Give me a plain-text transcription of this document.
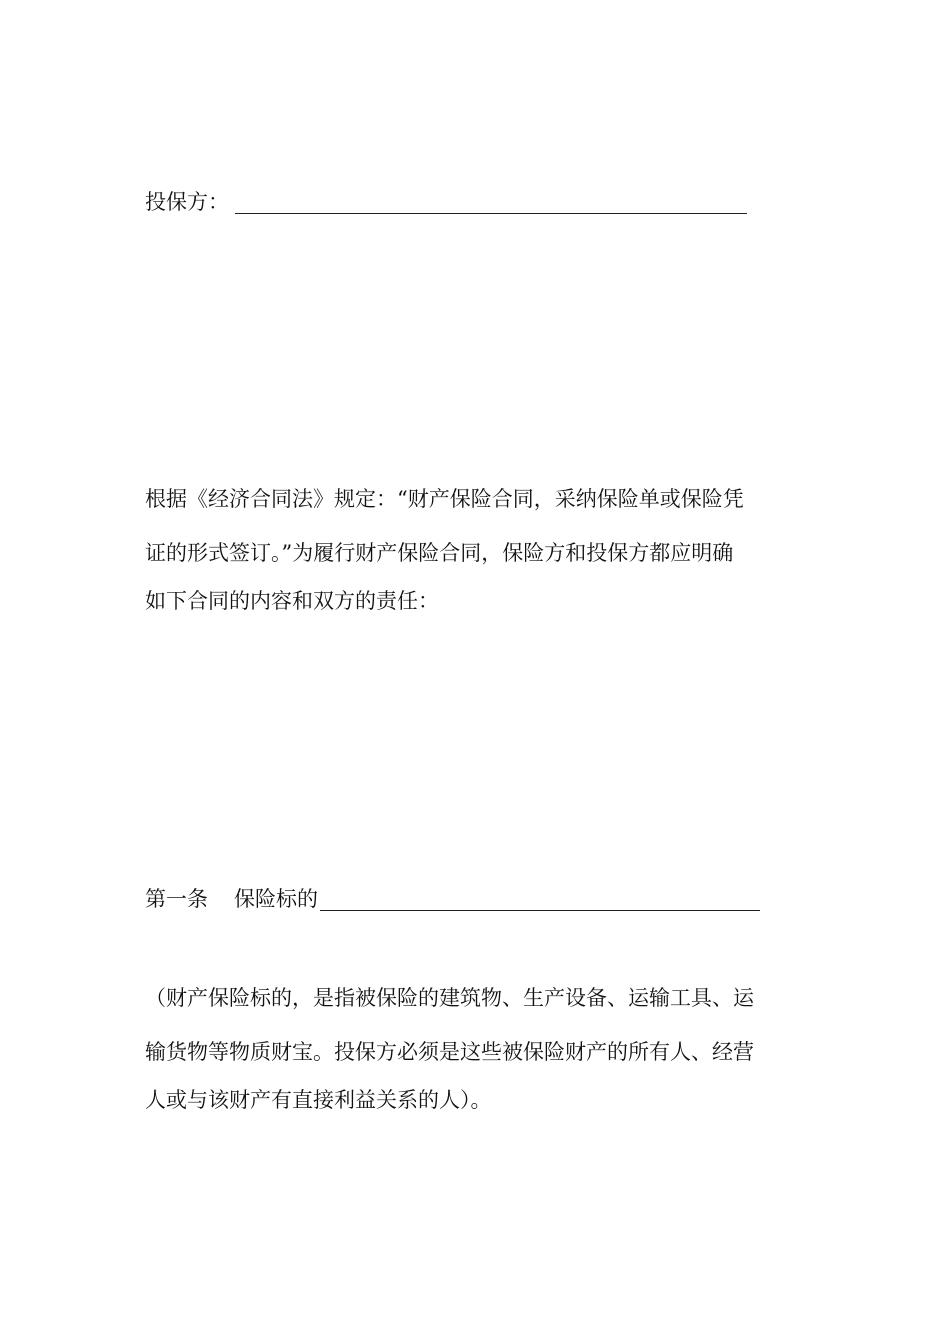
投保方：
根据《经济合同法》规定：“财产保险合同，采纳保险单或保险凭
证的形式签订。”为履行财产保险合同，保险方和投保方都应明确
如下合同的内容和双方的责任：
第一条 保险标的
（财产保险标的，是指被保险的建筑物、生产设备、运输工具、运
输货物等物质财宝。投保方必须是这些被保险财产的所有人、经营
人或与该财产有直接利益关系的人）。
